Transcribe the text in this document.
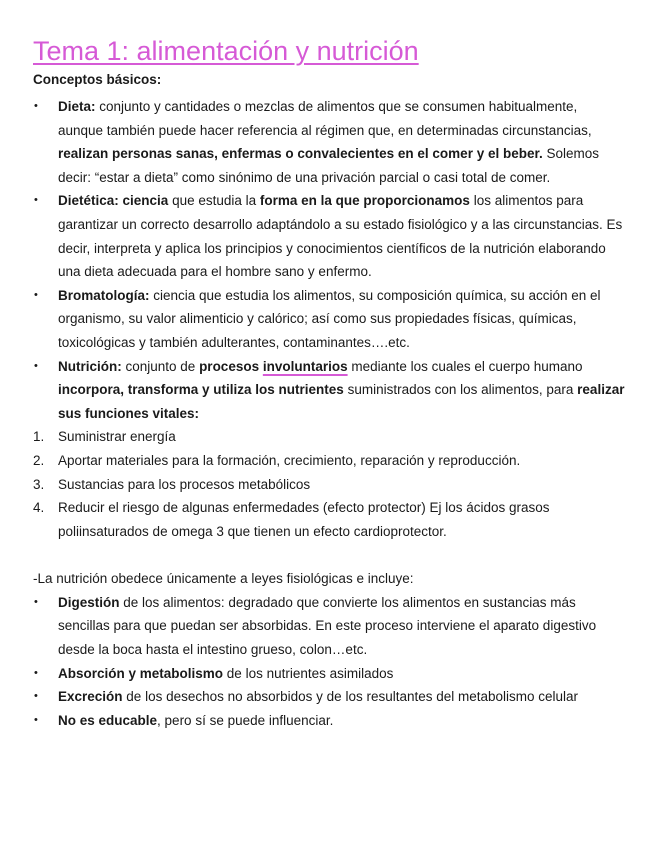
Tema 1: alimentación y nutrición
Conceptos básicos:
•	Dieta: conjunto y cantidades o mezclas de alimentos que se consumen habitualmente, aunque también puede hacer referencia al régimen que, en determinadas circunstancias, realizan personas sanas, enfermas o convalecientes en el comer y el beber. Solemos decir: “estar a dieta” como sinónimo de una privación parcial o casi total de comer.
•	Dietética: ciencia que estudia la forma en la que proporcionamos los alimentos para garantizar un correcto desarrollo adaptándolo a su estado fisiológico y a las circunstancias. Es decir, interpreta y aplica los principios y conocimientos científicos de la nutrición elaborando una dieta adecuada para el hombre sano y enfermo.
•	Bromatología: ciencia que estudia los alimentos, su composición química, su acción en el organismo, su valor alimenticio y calórico; así como sus propiedades físicas, químicas, toxicológicas y también adulterantes, contaminantes….etc.
•	Nutrición: conjunto de procesos involuntarios mediante los cuales el cuerpo humano incorpora, transforma y utiliza los nutrientes suministrados con los alimentos, para realizar sus funciones vitales:
1.	Suministrar energía
2.	Aportar materiales para la formación, crecimiento, reparación y reproducción.
3.	Sustancias para los procesos metabólicos
4.	Reducir el riesgo de algunas enfermedades (efecto protector) Ej los ácidos grasos poliinsaturados de omega 3 que tienen un efecto cardioprotector.

-La nutrición obedece únicamente a leyes fisiológicas e incluye:

•	Digestión de los alimentos: degradado que convierte los alimentos en sustancias más sencillas para que puedan ser absorbidas. En este proceso interviene el aparato digestivo desde la boca hasta el intestino grueso, colon…etc.
•	Absorción y metabolismo de los nutrientes asimilados
•	Excreción de los desechos no absorbidos y de los resultantes del metabolismo celular
•	No es educable, pero sí se puede influenciar.
